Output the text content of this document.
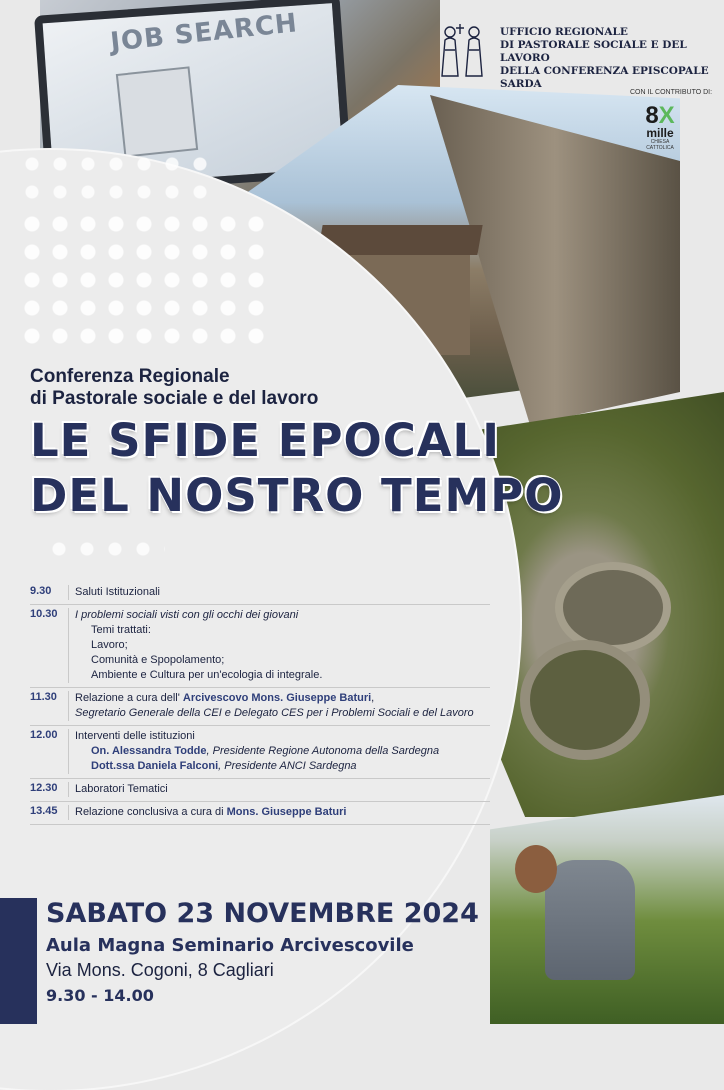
JOB SEARCH	UFFICIO REGIONALE
DI PASTORALE SOCIALE E DEL LAVORO
DELLA CONFERENZA EPISCOPALE SARDA
CON IL CONTRIBUTO DI:
8X
mille
CHIESA CATTOLICA
Conferenza Regionale
di Pastorale sociale e del lavoro
LE SFIDE EPOCALI
DEL NOSTRO TEMPO
9.30	Saluti Istituzionali
10.30	I problemi sociali visti con gli occhi dei giovani
Temi trattati:
Lavoro;
Comunità e Spopolamento;
Ambiente e Cultura per un'ecologia di integrale.
11.30	Relazione a cura dell' Arcivescovo Mons. Giuseppe Baturi,
Segretario Generale della CEI e Delegato CES per i Problemi Sociali e del Lavoro
12.00	Interventi delle istituzioni
On. Alessandra Todde, Presidente Regione Autonoma della Sardegna
Dott.ssa Daniela Falconi, Presidente ANCI Sardegna
12.30	Laboratori Tematici
13.45	Relazione conclusiva a cura di Mons. Giuseppe Baturi
SABATO 23 NOVEMBRE 2024
Aula Magna Seminario Arcivescovile
Via Mons. Cogoni, 8 Cagliari
9.30 - 14.00
